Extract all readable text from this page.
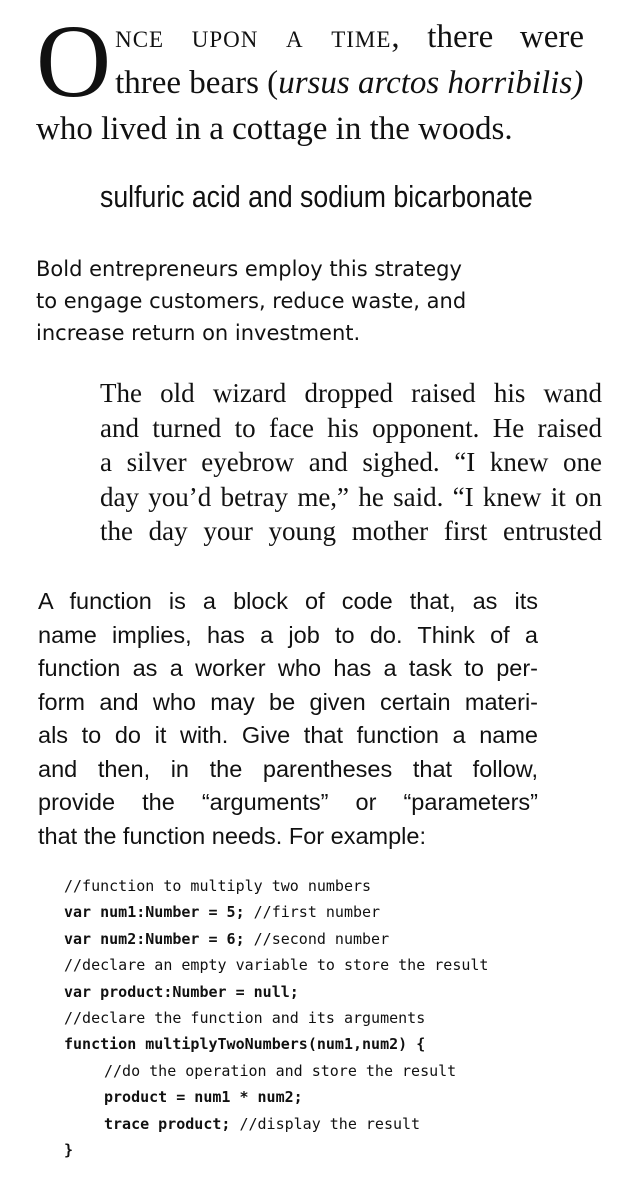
O nce upon a time, there were
three bears (ursus arctos horribilis)
who lived in a cottage in the woods.
sulfuric acid and sodium bicarbonate
Bold entrepreneurs employ this strategy
to engage customers, reduce waste, and
increase return on investment.
The old wizard dropped raised his wand
and turned to face his opponent. He raised
a silver eyebrow and sighed. “I knew one
day you’d betray me,” he said. “I knew it on
the day your young mother first entrusted
A function is a block of code that, as its
name implies, has a job to do. Think of a
function as a worker who has a task to per-
form and who may be given certain materi-
als to do it with. Give that function a name
and then, in the parentheses that follow,
provide the “arguments” or “parameters”
that the function needs. For example:
//function to multiply two numbers
var num1:Number = 5; //first number
var num2:Number = 6; //second number
//declare an empty variable to store the result
var product:Number = null;
//declare the function and its arguments
function multiplyTwoNumbers(num1,num2) {
//do the operation and store the result
product = num1 * num2;
trace product; //display the result
}
